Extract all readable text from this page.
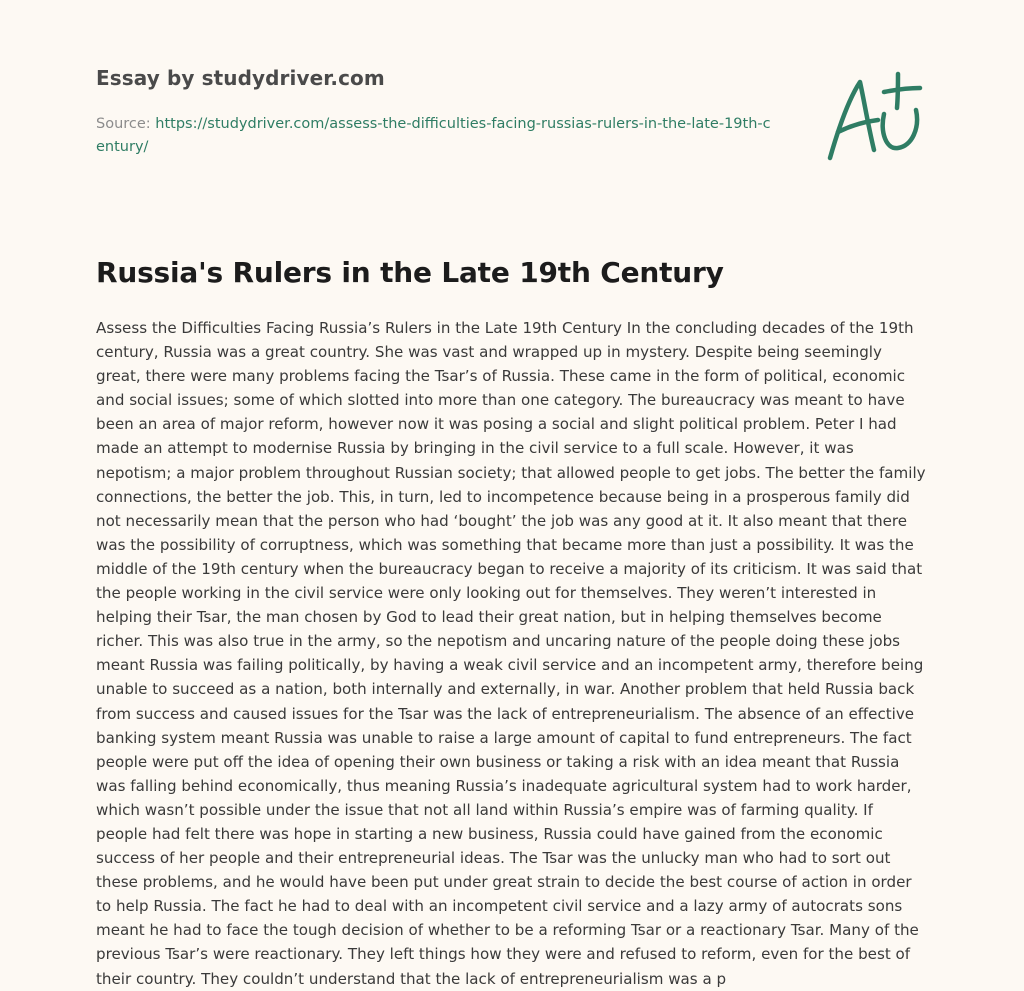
Essay by studydriver.com
Source: https://studydriver.com/assess-the-difficulties-facing-russias-rulers-in-the-late-19th-century/
Russia's Rulers in the Late 19th Century

Assess the Difficulties Facing Russia’s Rulers in the Late 19th Century In the concluding decades of the 19th century, Russia was a great country. She was vast and wrapped up in mystery. Despite being seemingly great, there were many problems facing the Tsar’s of Russia. These came in the form of political, economic and social issues; some of which slotted into more than one category. The bureaucracy was meant to have been an area of major reform, however now it was posing a social and slight political problem. Peter I had made an attempt to modernise Russia by bringing in the civil service to a full scale. However, it was nepotism; a major problem throughout Russian society; that allowed people to get jobs. The better the family connections, the better the job. This, in turn, led to incompetence because being in a prosperous family did not necessarily mean that the person who had ‘bought’ the job was any good at it. It also meant that there was the possibility of corruptness, which was something that became more than just a possibility. It was the middle of the 19th century when the bureaucracy began to receive a majority of its criticism. It was said that the people working in the civil service were only looking out for themselves. They weren’t interested in helping their Tsar, the man chosen by God to lead their great nation, but in helping themselves become richer. This was also true in the army, so the nepotism and uncaring nature of the people doing these jobs meant Russia was failing politically, by having a weak civil service and an incompetent army, therefore being unable to succeed as a nation, both internally and externally, in war. Another problem that held Russia back from success and caused issues for the Tsar was the lack of entrepreneurialism. The absence of an effective banking system meant Russia was unable to raise a large amount of capital to fund entrepreneurs. The fact people were put off the idea of opening their own business or taking a risk with an idea meant that Russia was falling behind economically, thus meaning Russia’s inadequate agricultural system had to work harder, which wasn’t possible under the issue that not all land within Russia’s empire was of farming quality. If people had felt there was hope in starting a new business, Russia could have gained from the economic success of her people and their entrepreneurial ideas. The Tsar was the unlucky man who had to sort out these problems, and he would have been put under great strain to decide the best course of action in order to help Russia. The fact he had to deal with an incompetent civil service and a lazy army of autocrats sons meant he had to face the tough decision of whether to be a reforming Tsar or a reactionary Tsar. Many of the previous Tsar’s were reactionary. They left things how they were and refused to reform, even for the best of their country. They couldn’t understand that the lack of entrepreneurialism was a p
